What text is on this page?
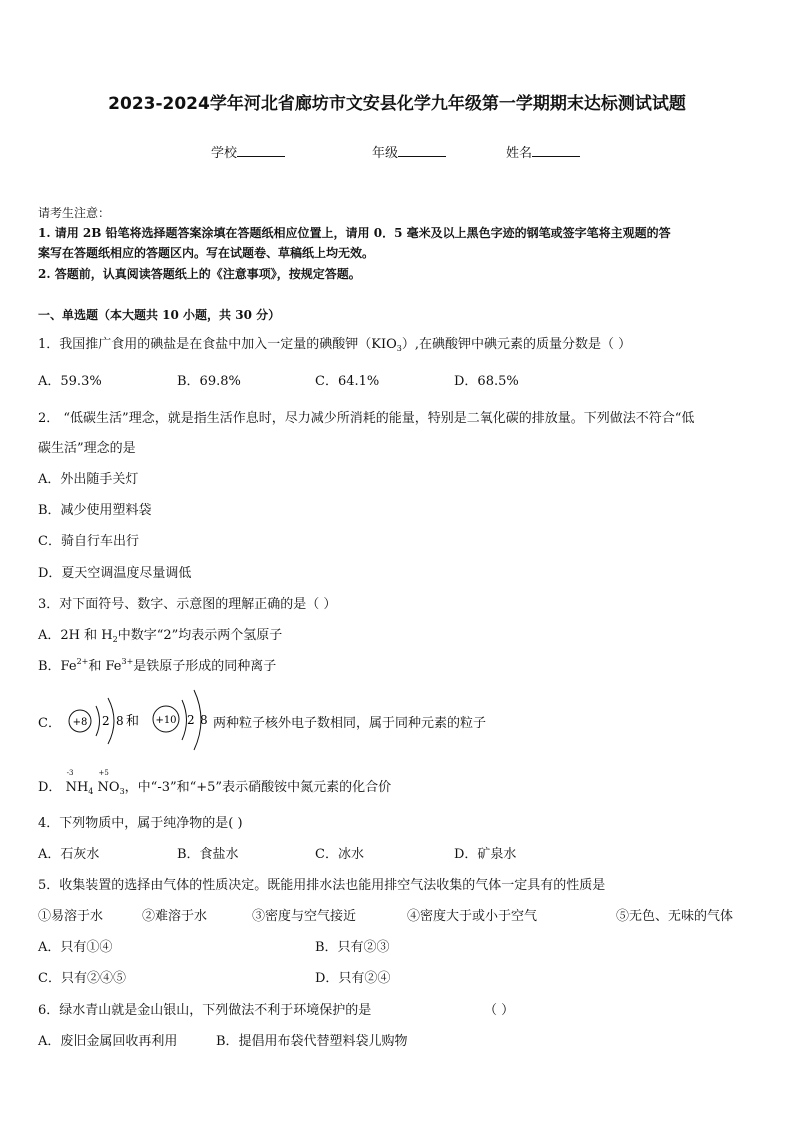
2023-2024学年河北省廊坊市文安县化学九年级第一学期期末达标测试试题
学校	年级	姓名
请考生注意：
1. 请用 2B 铅笔将选择题答案涂填在答题纸相应位置上，请用 0．5 毫米及以上黑色字迹的钢笔或签字笔将主观题的答
案写在答题纸相应的答题区内。写在试题卷、草稿纸上均无效。
2. 答题前，认真阅读答题纸上的《注意事项》，按规定答题。
一、单选题（本大题共 10 小题，共 30 分）
1．我国推广食用的碘盐是在食盐中加入一定量的碘酸钾$(KIO_3)$,在碘酸钾中碘元素的质量分数是（ ）
A．59.3%	B．69.8%	C．64.1%	D．68.5%
2． “低碳生活”理念，就是指生活作息时，尽力减少所消耗的能量，特别是二氧化碳的排放量。下列做法不符合“低
碳生活”理念的是
A．外出随手关灯
B．减少使用塑料袋
C．骑自行车出行
D．夏天空调温度尽量调低
3．对下面符号、数字、示意图的理解正确的是（ ）
A．2H 和 $H_2$中数字“2”均表示两个氢原子
B．$Fe^{2+}$和 $Fe^{3+}$是铁原子形成的同种离子
C． +8 2 8 和 +10 2 8 两种粒子核外电子数相同，属于同种元素的粒子
D．
-3
$NH_4$
+5
$NO_3$，中“-3”和“+5”表示硝酸铵中氮元素的化合价
4．下列物质中，属于纯净物的是( )
A．石灰水	B．食盐水	C．冰水	D．矿泉水
5．收集装置的选择由气体的性质决定。既能用排水法也能用排空气法收集的气体一定具有的性质是
①易溶于水	②难溶于水	③密度与空气接近	④密度大于或小于空气	⑤无色、无味的气体
A．只有①④	B．只有②③
C．只有②④⑤	D．只有②④
6．绿水青山就是金山银山，下列做法不利于环境保护的是	（ ）
A．废旧金属回收再利用	B．提倡用布袋代替塑料袋儿购物
